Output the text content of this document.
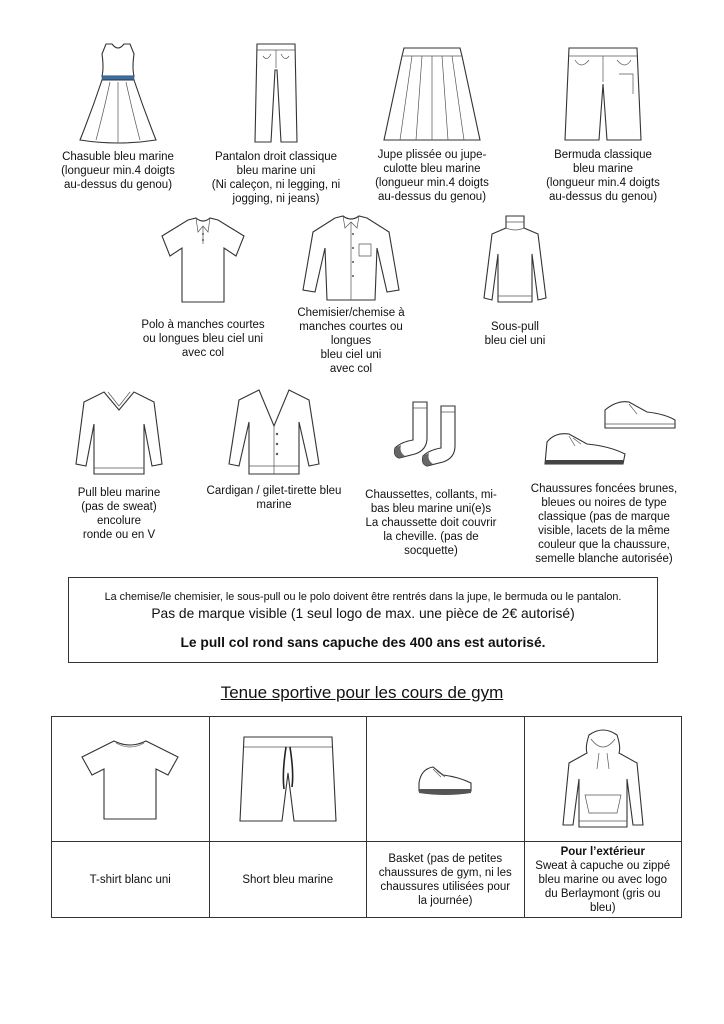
Chasuble bleu marine
(longueur min.4 doigts
au-dessus du genou)
Pantalon droit classique
bleu marine uni
(Ni caleçon, ni legging, ni
jogging, ni jeans)
Jupe plissée ou jupe-
culotte bleu marine
(longueur min.4 doigts
au-dessus du genou)
Bermuda classique
bleu marine
(longueur min.4 doigts
au-dessus du genou)
Polo à manches courtes
ou longues bleu ciel uni
avec col
Chemisier/chemise à
manches courtes ou
longues
bleu ciel uni
avec col
Sous-pull
bleu ciel uni
Pull bleu marine
(pas de sweat)
encolure
ronde ou en V
Cardigan / gilet-tirette bleu
marine
Chaussettes, collants, mi-
bas bleu marine uni(e)s
La chaussette doit couvrir
la cheville. (pas de
socquette)
Chaussures foncées brunes,
bleues ou noires de type
classique (pas de marque
visible, lacets de la même
couleur que la chaussure,
semelle blanche autorisée)
La chemise/le chemisier, le sous-pull ou le polo doivent être rentrés dans la jupe, le bermuda ou le pantalon.
Pas de marque visible (1 seul logo de max. une pièce de 2€ autorisé)
Le pull col rond sans capuche des 400 ans est autorisé.
Tenue sportive pour les cours de gym

T-shirt blanc uni	Short bleu marine	Basket (pas de petites
chaussures de gym, ni les
chaussures utilisées pour
la journée)	Pour l’extérieur
Sweat à capuche ou zippé
bleu marine ou avec logo
du Berlaymont (gris ou
bleu)
